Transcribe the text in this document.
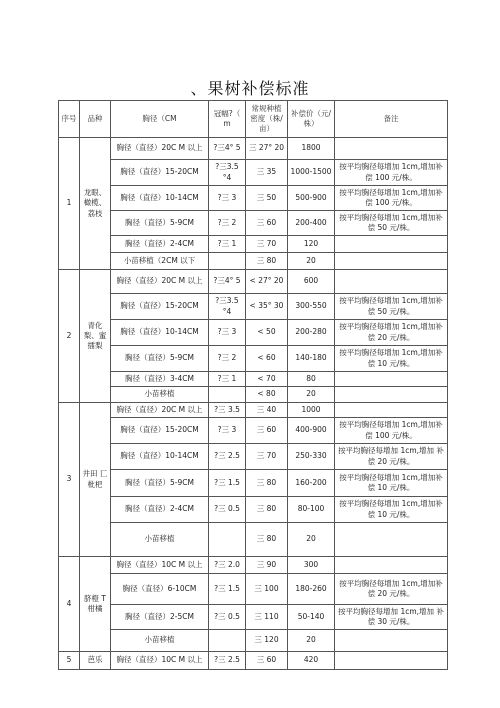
、果树补偿标准
序号	品种	胸径（CM	冠幅?（ m	常规种植密度（株/亩）	补偿价（元/株）	备注
1	龙眼、橄榄、荔枝	胸径（直径）20C M 以上	?三4° 5	三 27° 20	1800	
		胸径（直径）15-20CM	?三3.5 °4	三 35	1000-1500	按平均胸径每增加 1cm,增加补偿 100 元/株。
		胸径（直径）10-14CM	?三 3	三 50	500-900	按平均胸径每增加 1cm,增加补偿 100 元/株。
		胸径（直径）5-9CM	?三 2	三 60	200-400	按平均胸径每增加 1cm,增加补偿 50 元/株。
		胸径（直径）2-4CM	?三 1	三 70	120	
		小苗移植（2CM 以下		三 80	20	
2	青化梨、蜜擂梨	胸径（直径）20C M 以上	?三4° 5	< 27° 20	600	
		胸径（直径）15-20CM	?三3.5 °4	< 35° 30	300-550	按平均胸径每增加 1cm,增加补偿 50 元/株。
		胸径（直径）10-14CM	?三 3	< 50	200-280	按平均胸径每增加 1cm,增加补偿 20 元/株。
		胸径（直径）5-9CM	?三 2	< 60	140-180	按平均胸径每增加 1cm,增加补偿 10 元/株。
		胸径（直径）3-4CM	?三 1	< 70	80	
		小苗移植		< 80	20	
3	井田 匸 枇杷	胸径（直径）20C M 以上	?三 3.5	三 40	1000	
		胸径（直径）15-20CM	?三 3	三 60	400-900	按平均胸径每增加 1cm,增加补偿 100 元/株。
		胸径（直径）10-14CM	?三 2.5	三 70	250-330	按平均胸径每增加 1cm,增加 补偿 20 元/株。
		胸径（直径）5-9CM	?三 1.5	三 80	160-200	按平均胸径每增加 1cm,增加补偿 10 元/株。
		胸径（直径）2-4CM	?三 0.5	三 80	80-100	按平均胸径每增加 1cm,增加补偿 10 元/株。
		小苗移植		三 80	20	
4	脐橙 T 柑橘	胸径（直径）10C M 以上	?三 2.0	三 90	300	
		胸径（直径）6-10CM	?三 1.5	三 100	180-260	按平均胸径每增加 1cm,增加补偿 20 元/株。
		胸径（直径）2-5CM	?三 0.5	三 110	50-140	按平均胸径每增加 1cm,增加 补偿 30 元/株。
		小苗移植		三 120	20	
5	芭乐	胸径（直径）10C M 以上	?三 2.5	三 60	420	
